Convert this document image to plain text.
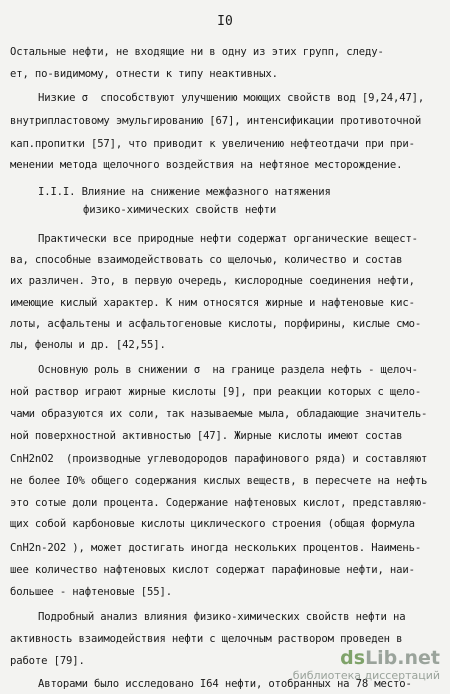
I0
Остальные нефти, не входящие ни в одну из этих групп, следу-
ет, по-видимому, отнести к типу неактивных.
Низкие σ  способствуют улучшению моющих свойств вод [9,24,47],
внутрипластовому эмульгированию [67], интенсификации противоточной
кап.пропитки [57], что приводит к увеличению нефтеотдачи при при-
менении метода щелочного воздействия на нефтяное месторождение.
I.I.I. Влияние на снижение межфазного натяжения
физико-химических свойств нефти
Практически все природные нефти содержат органические вещест-
ва, способные взаимодействовать со щелочью, количество и состав
их различен. Это, в первую очередь, кислородные соединения нефти,
имеющие кислый характер. К ним относятся жирные и нафтеновые кис-
лоты, асфальтены и асфальтогеновые кислоты, порфирины, кислые смо-
лы, фенолы и др. [42,55].
Основную роль в снижении σ  на границе раздела нефть - щелоч-
ной раствор играют жирные кислоты [9], при реакции которых с щело-
чами образуются их соли, так называемые мыла, обладающие значитель-
ной поверхностной активностью [47]. Жирные кислоты имеют состав
CnH2nO2  (производные углеводородов парафинового ряда) и составляют
не более I0% общего содержания кислых веществ, в пересчете на нефть
это сотые доли процента. Содержание нафтеновых кислот, представляю-
щих собой карбоновые кислоты циклического строения (общая формула
CnH2n-2O2 ), может достигать иногда нескольких процентов. Наимень-
шее количество нафтеновых кислот содержат парафиновые нефти, наи-
большее - нафтеновые [55].
Подробный анализ влияния физико-химических свойств нефти на
активность взаимодействия нефти с щелочным раствором проведен в
работе [79].
Авторами было исследовано I64 нефти, отобранных на 78 место-
dsLib.net
библиотека диссертаций
